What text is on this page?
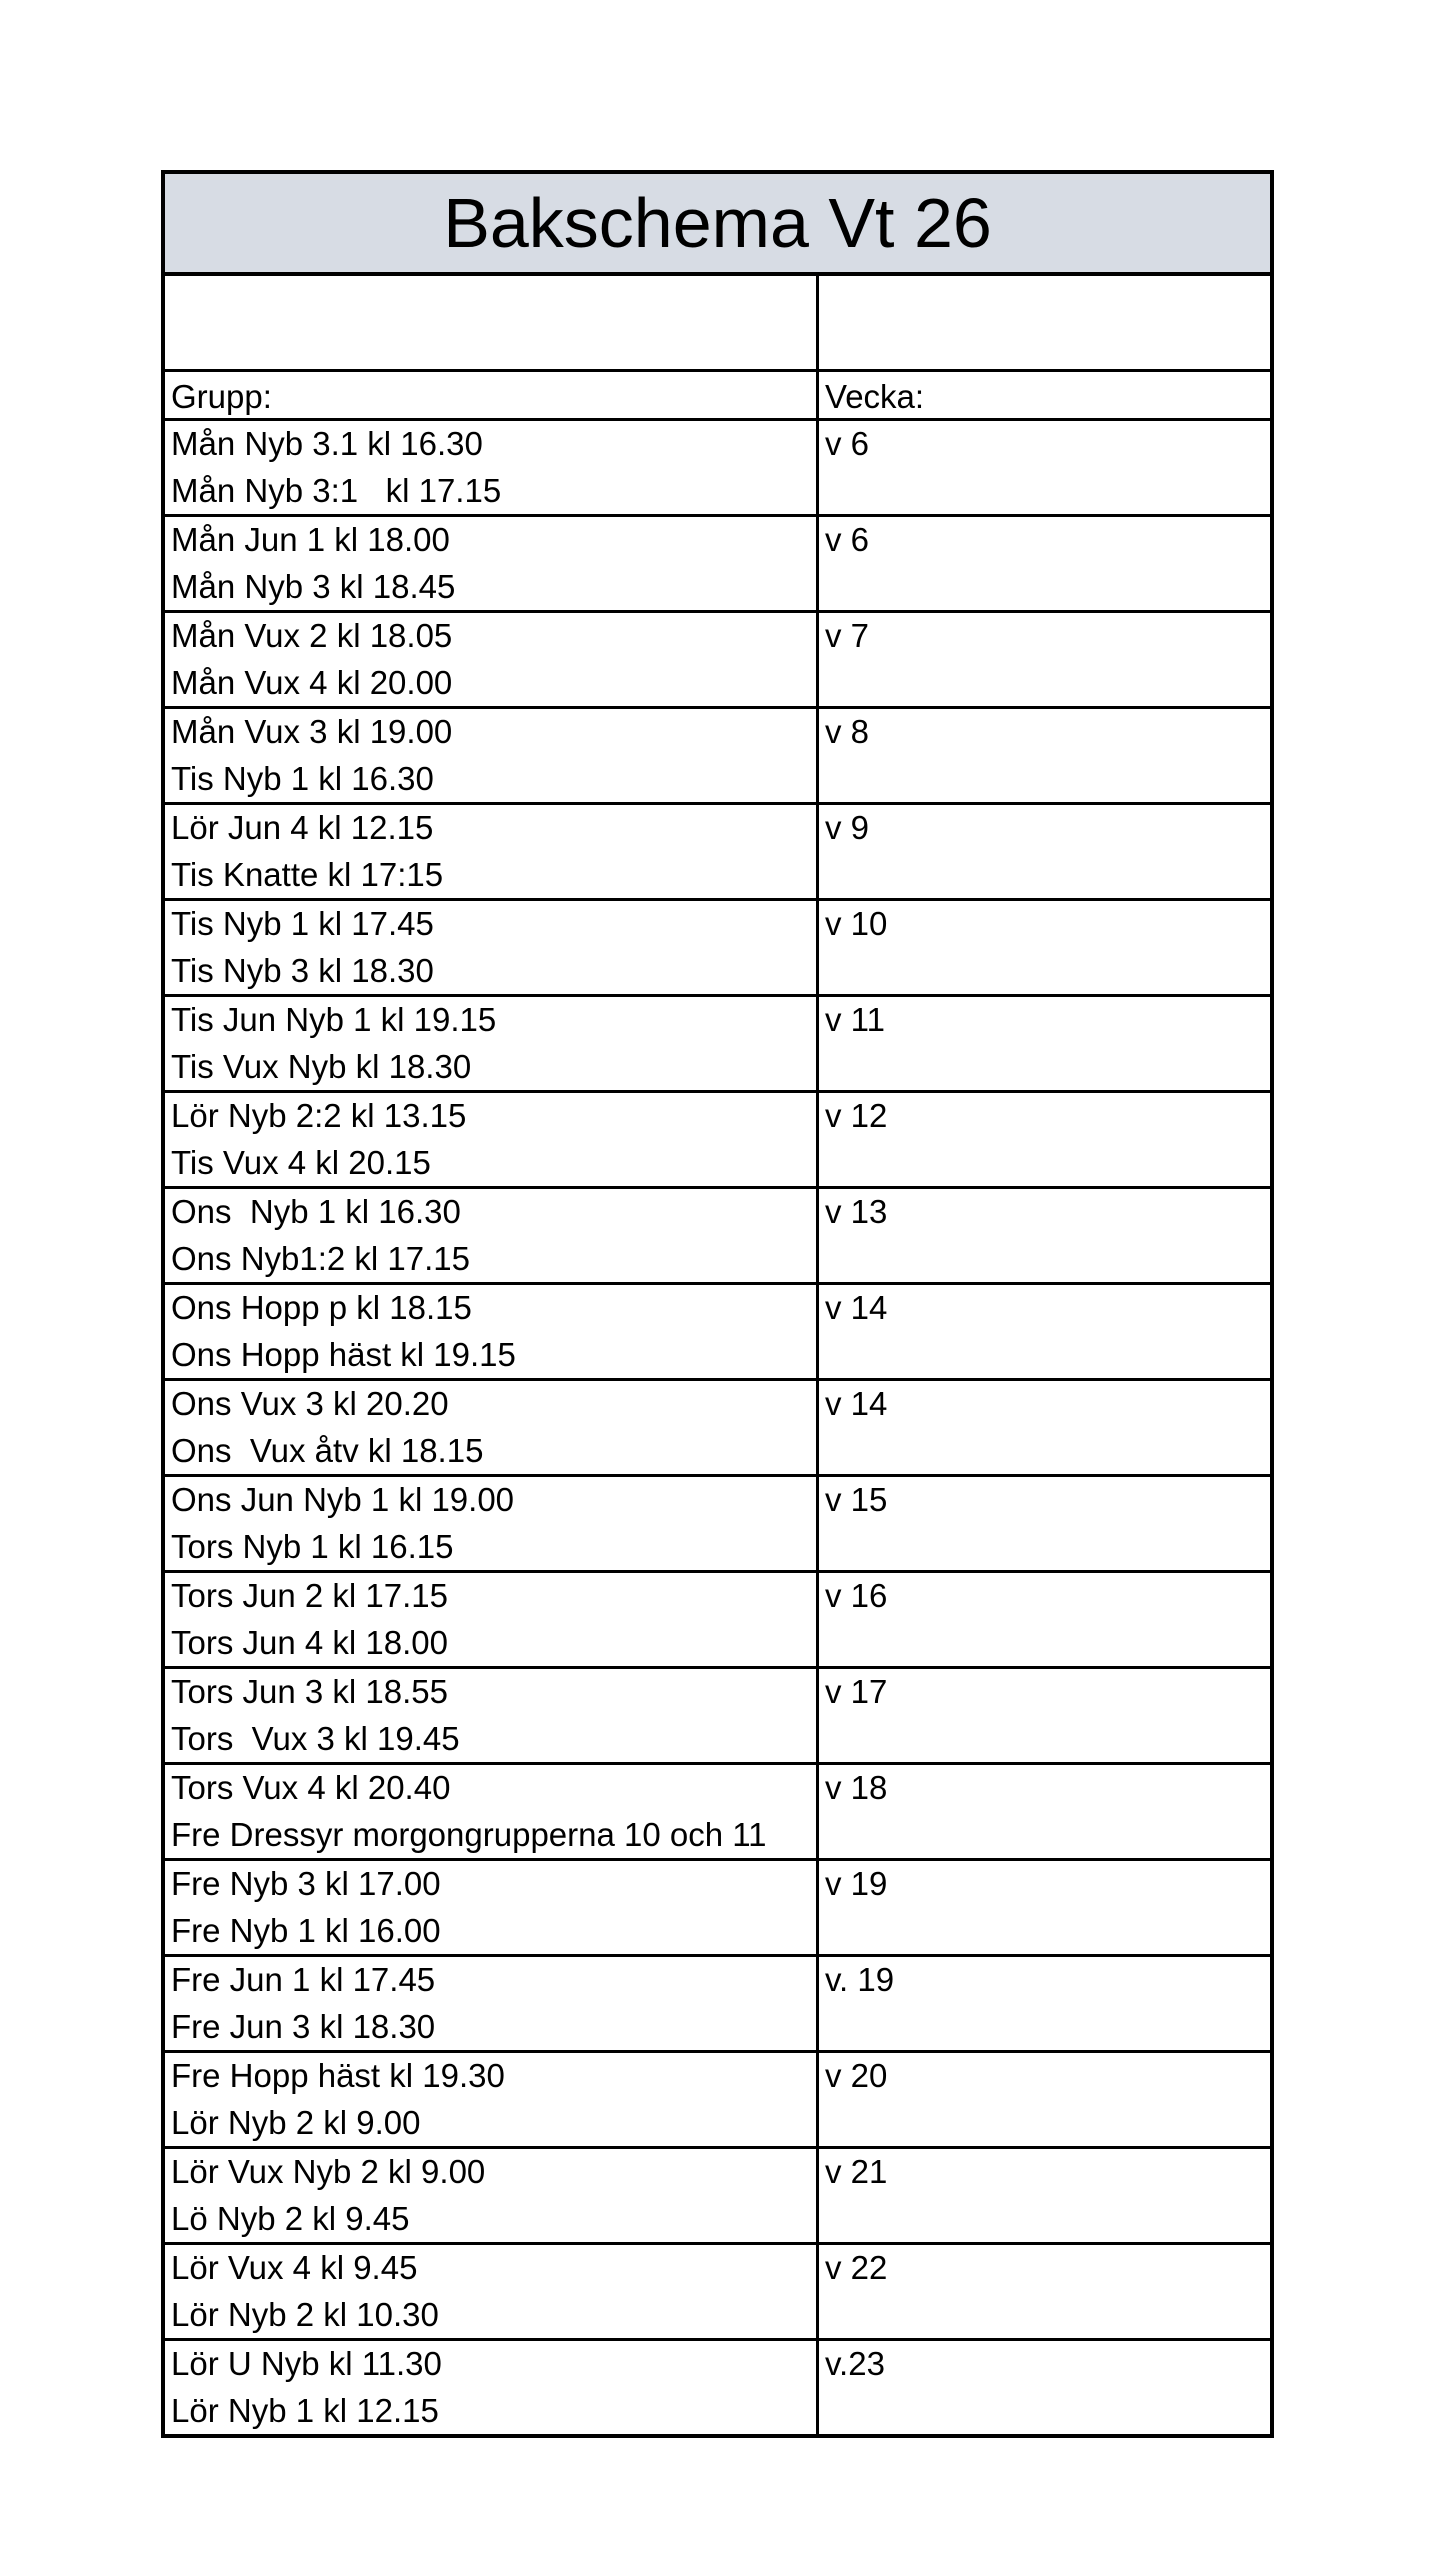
Bakschema Vt 26

Grupp:	Vecka:
Mån Nyb 3.1 kl 16.30
Mån Nyb 3:1   kl 17.15
v 6
Mån Jun 1 kl 18.00
Mån Nyb 3 kl 18.45
v 6
Mån Vux 2 kl 18.05
Mån Vux 4 kl 20.00
v 7
Mån Vux 3 kl 19.00
Tis Nyb 1 kl 16.30
v 8
Lör Jun 4 kl 12.15
Tis Knatte kl 17:15
v 9
Tis Nyb 1 kl 17.45
Tis Nyb 3 kl 18.30
v 10
Tis Jun Nyb 1 kl 19.15
Tis Vux Nyb kl 18.30
v 11
Lör Nyb 2:2 kl 13.15
Tis Vux 4 kl 20.15
v 12
Ons  Nyb 1 kl 16.30
Ons Nyb1:2 kl 17.15
v 13
Ons Hopp p kl 18.15
Ons Hopp häst kl 19.15
v 14
Ons Vux 3 kl 20.20
Ons  Vux åtv kl 18.15
v 14
Ons Jun Nyb 1 kl 19.00
Tors Nyb 1 kl 16.15
v 15
Tors Jun 2 kl 17.15
Tors Jun 4 kl 18.00
v 16
Tors Jun 3 kl 18.55
Tors  Vux 3 kl 19.45
v 17
Tors Vux 4 kl 20.40
Fre Dressyr morgongrupperna 10 och 11
v 18
Fre Nyb 3 kl 17.00
Fre Nyb 1 kl 16.00
v 19
Fre Jun 1 kl 17.45
Fre Jun 3 kl 18.30
v. 19
Fre Hopp häst kl 19.30
Lör Nyb 2 kl 9.00
v 20
Lör Vux Nyb 2 kl 9.00
Lö Nyb 2 kl 9.45
v 21
Lör Vux 4 kl 9.45
Lör Nyb 2 kl 10.30
v 22
Lör U Nyb kl 11.30
Lör Nyb 1 kl 12.15
v.23
